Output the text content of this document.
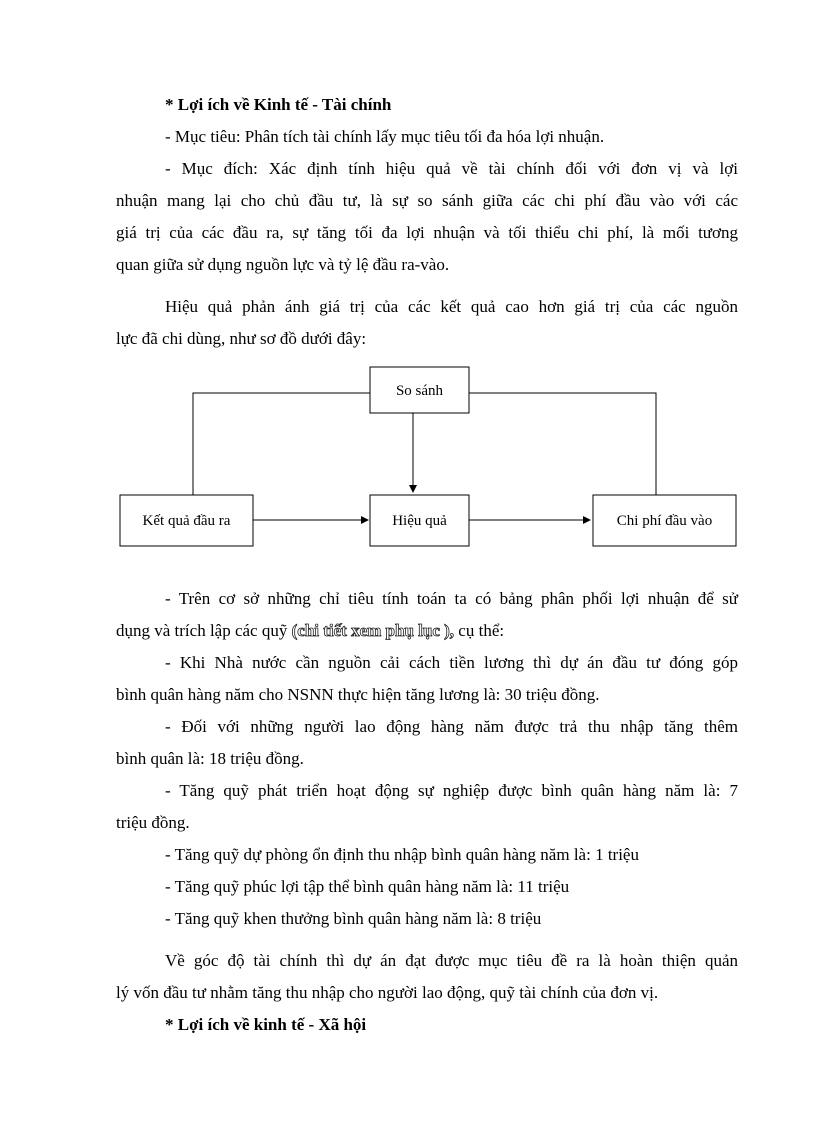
* Lợi ích về Kinh tế - Tài chính

- Mục tiêu: Phân tích tài chính lấy mục tiêu tối đa hóa lợi nhuận.

- Mục đích: Xác định tính hiệu quả về tài chính đối với đơn vị và lợi

nhuận mang lại cho chủ đầu tư, là sự so sánh giữa các chi phí đầu vào với các

giá trị của các đầu ra, sự tăng tối đa lợi nhuận và tối thiểu chi phí, là mối tương

quan giữa sử dụng nguồn lực và tỷ lệ đầu ra-vào.

Hiệu quả phản ánh giá trị của các kết quả cao hơn giá trị của các nguồn

lực đã chi dùng, như sơ đồ dưới đây:

So sánh
Kết quả đầu ra	Hiệu quả	Chi phí đầu vào

- Trên cơ sở những chỉ tiêu tính toán ta có bảng phân phối lợi nhuận để sử

dụng và trích lập các quỹ (chi tiết xem phụ lục ), cụ thể:

- Khi Nhà nước cần nguồn cải cách tiền lương thì dự án đầu tư đóng góp

bình quân hàng năm cho NSNN thực hiện tăng lương là: 30 triệu đồng.

- Đối với những người lao động hàng năm được trả thu nhập tăng thêm

bình quân là: 18 triệu đồng.

- Tăng quỹ phát triển hoạt động sự nghiệp được bình quân hàng năm là: 7

triệu đồng.

- Tăng quỹ dự phòng ổn định thu nhập bình quân hàng năm là: 1 triệu

- Tăng quỹ phúc lợi tập thể bình quân hàng năm là: 11 triệu

- Tăng quỹ khen thưởng bình quân hàng năm là: 8 triệu

Về góc độ tài chính thì dự án đạt được mục tiêu đề ra là hoàn thiện quản

lý vốn đầu tư nhằm tăng thu nhập cho người lao động, quỹ tài chính của đơn vị.

* Lợi ích về kinh tế - Xã hội
